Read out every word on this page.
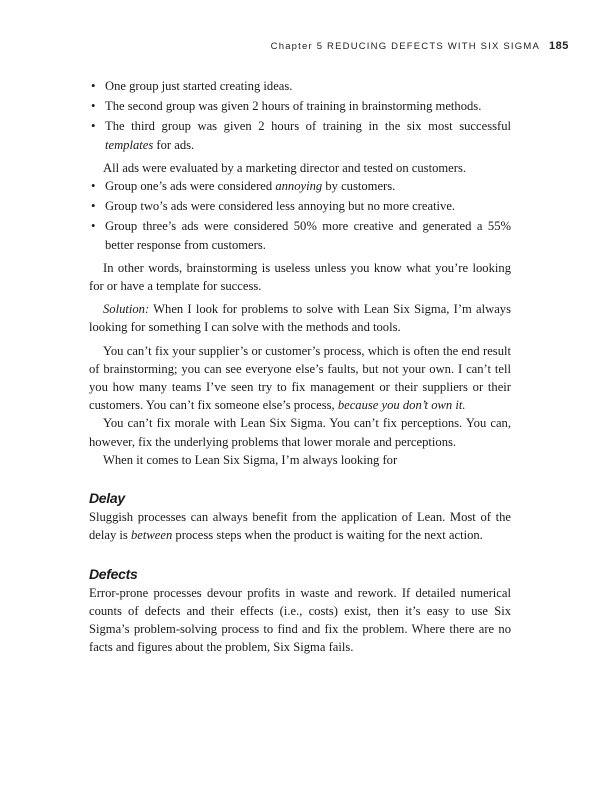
Chapter 5 REDUCING DEFECTS WITH SIX SIGMA 185
• One group just started creating ideas.
• The second group was given 2 hours of training in brainstorming methods.
• The third group was given 2 hours of training in the six most successful templates for ads.

All ads were evaluated by a marketing director and tested on customers.

• Group one’s ads were considered annoying by customers.
• Group two’s ads were considered less annoying but no more creative.
• Group three’s ads were considered 50% more creative and generated a 55% better response from customers.

In other words, brainstorming is useless unless you know what you’re looking for or have a template for success.

Solution: When I look for problems to solve with Lean Six Sigma, I’m always looking for something I can solve with the methods and tools.

You can’t fix your supplier’s or customer’s process, which is often the end result of brainstorming; you can see everyone else’s faults, but not your own. I can’t tell you how many teams I’ve seen try to fix management or their suppliers or their customers. You can’t fix someone else’s process, because you don’t own it.

You can’t fix morale with Lean Six Sigma. You can’t fix perceptions. You can, however, fix the underlying problems that lower morale and perceptions.

When it comes to Lean Six Sigma, I’m always looking for

Delay

Sluggish processes can always benefit from the application of Lean. Most of the delay is between process steps when the product is waiting for the next action.

Defects

Error-prone processes devour profits in waste and rework. If detailed numerical counts of defects and their effects (i.e., costs) exist, then it’s easy to use Six Sigma’s problem-solving process to find and fix the problem. Where there are no facts and figures about the problem, Six Sigma fails.
